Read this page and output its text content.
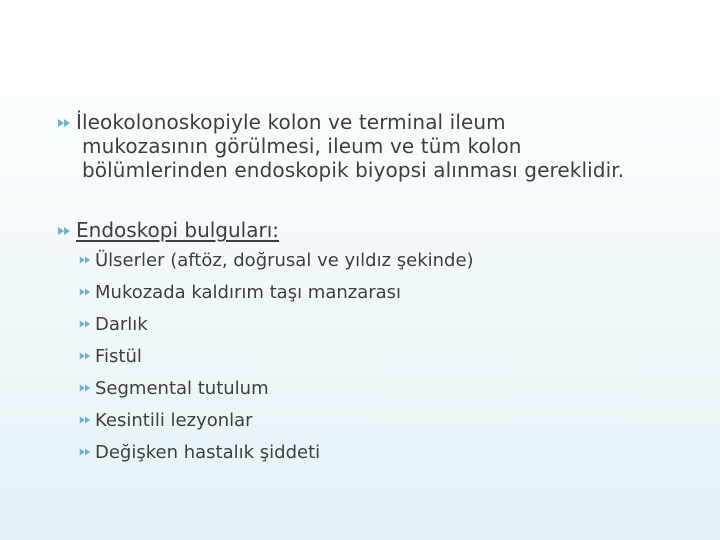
İleokolonoskopiyle kolon ve terminal ileum
mukozasının görülmesi, ileum ve tüm kolon
bölümlerinden endoskopik biyopsi alınması gereklidir.
Endoskopi bulguları:
Ülserler (aftöz, doğrusal ve yıldız şekinde)
Mukozada kaldırım taşı manzarası
Darlık
Fistül
Segmental tutulum
Kesintili lezyonlar
Değişken hastalık şiddeti
